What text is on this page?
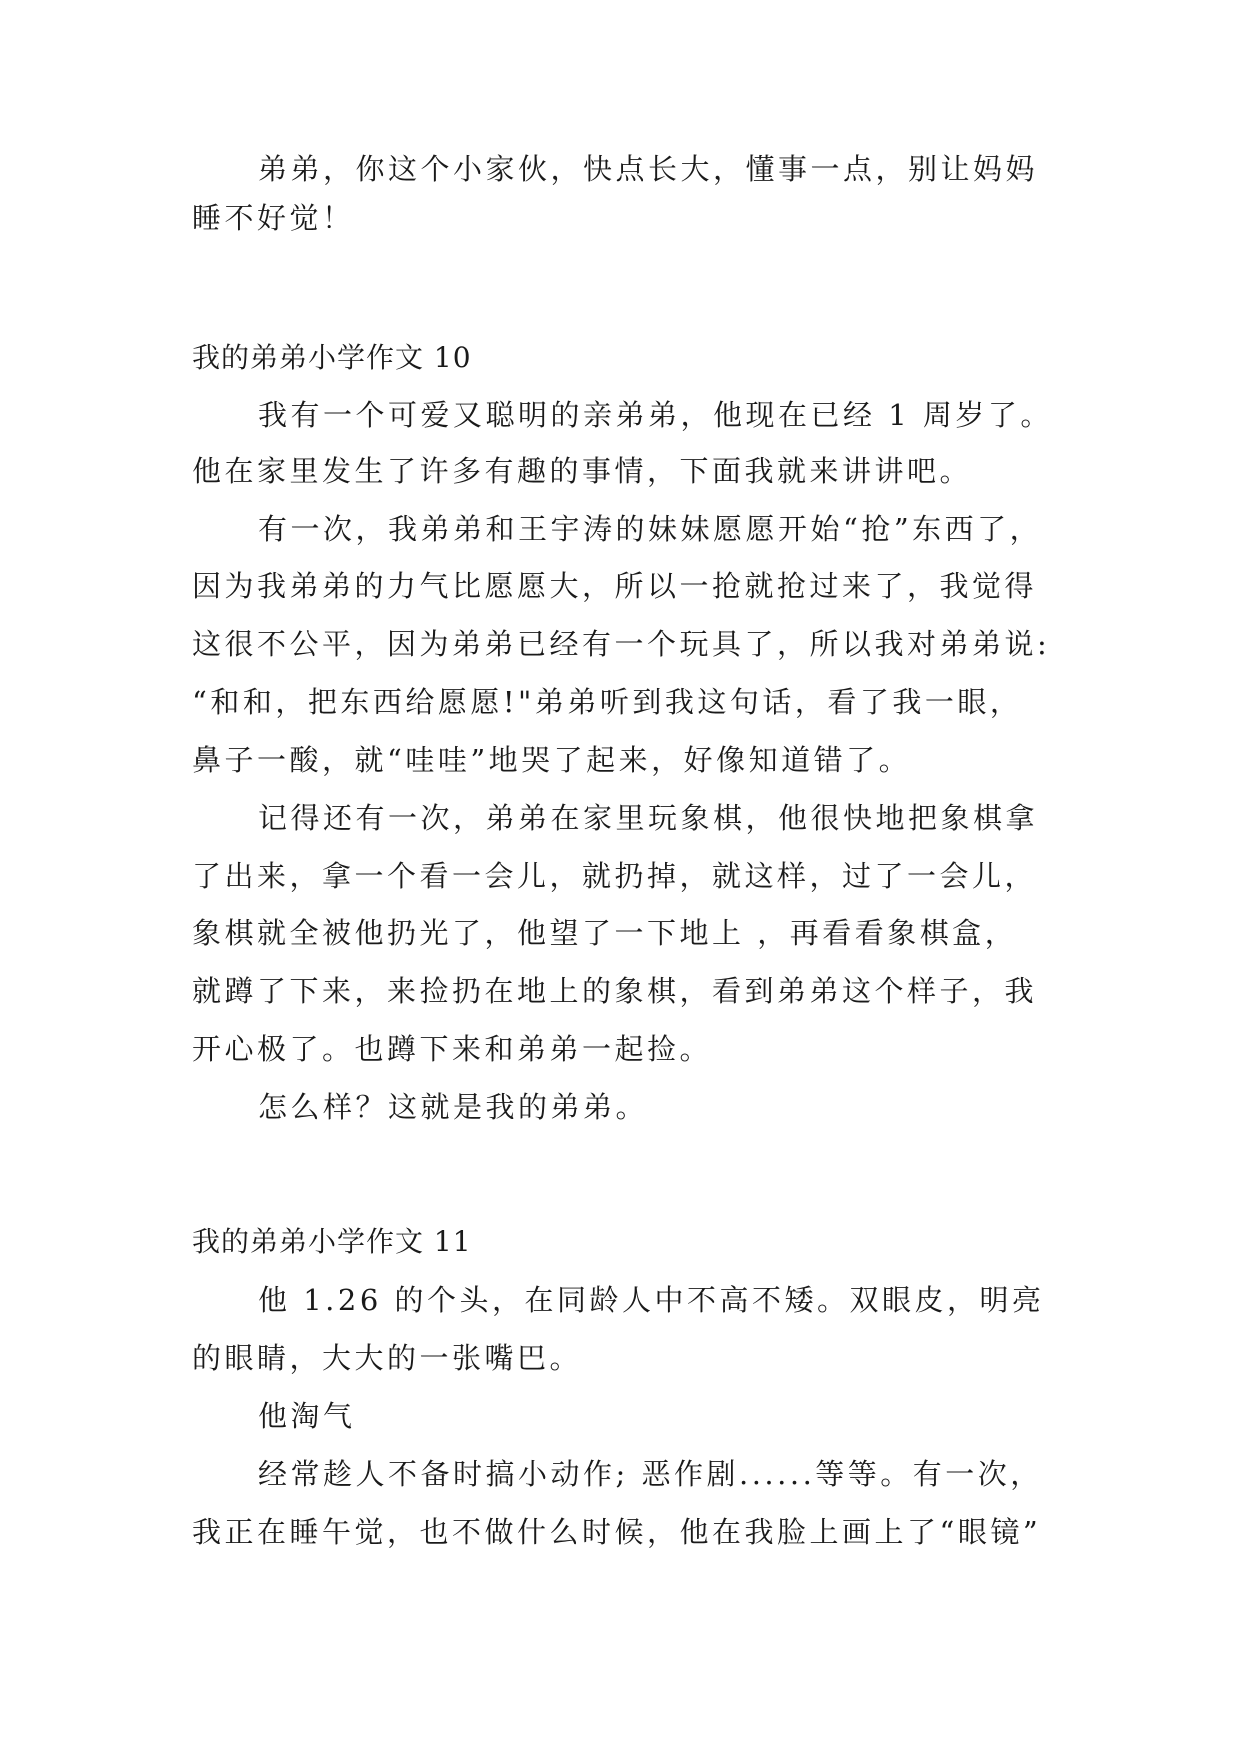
弟弟，你这个小家伙，快点长大，懂事一点，别让妈妈
睡不好觉！
我的弟弟小学作文 10
我有一个可爱又聪明的亲弟弟，他现在已经 1 周岁了。
他在家里发生了许多有趣的事情，下面我就来讲讲吧。
有一次，我弟弟和王宇涛的妹妹愿愿开始“抢”东西了，
因为我弟弟的力气比愿愿大，所以一抢就抢过来了，我觉得
这很不公平，因为弟弟已经有一个玩具了，所以我对弟弟说:
“和和，把东西给愿愿!"弟弟听到我这句话，看了我一眼，
鼻子一酸，就“哇哇”地哭了起来，好像知道错了。
记得还有一次，弟弟在家里玩象棋，他很快地把象棋拿
了出来，拿一个看一会儿，就扔掉，就这样，过了一会儿，
象棋就全被他扔光了，他望了一下地上 ，再看看象棋盒，
就蹲了下来，来捡扔在地上的象棋，看到弟弟这个样子，我
开心极了。也蹲下来和弟弟一起捡。
怎么样？这就是我的弟弟。
我的弟弟小学作文 11
他 1.26 的个头，在同龄人中不高不矮。双眼皮，明亮
的眼睛，大大的一张嘴巴。
他淘气
经常趁人不备时搞小动作; 恶作剧......等等。有一次，
我正在睡午觉，也不做什么时候，他在我脸上画上了“眼镜”
